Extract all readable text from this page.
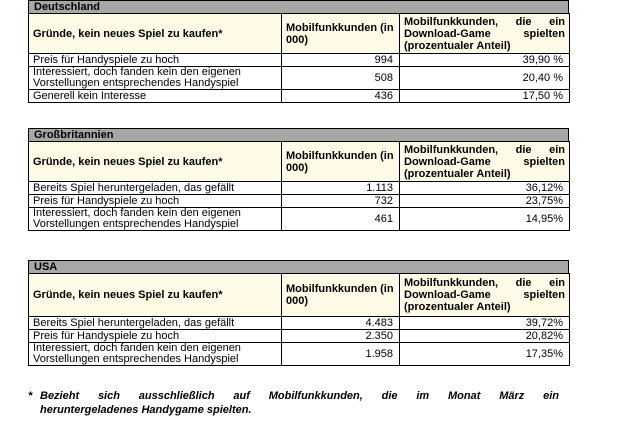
Deutschland
Gründe, kein neues Spiel zu kaufen*	Mobilfunkkunden (in 000)	Mobilfunkkunden, die ein Download-Game spielten (prozentualer Anteil)
Preis für Handyspiele zu hoch	994	39,90 %
Interessiert, doch fanden kein den eigenen Vorstellungen entsprechendes Handyspiel	508	20,40 %
Generell kein Interesse	436	17,50 %
Großbritannien
Gründe, kein neues Spiel zu kaufen*	Mobilfunkkunden (in 000)	Mobilfunkkunden, die ein Download-Game spielten (prozentualer Anteil)
Bereits Spiel heruntergeladen, das gefällt	1.113	36,12%
Preis für Handyspiele zu hoch	732	23,75%
Interessiert, doch fanden kein den eigenen Vorstellungen entsprechendes Handyspiel	461	14,95%
USA
Gründe, kein neues Spiel zu kaufen*	Mobilfunkkunden (in 000)	Mobilfunkkunden, die ein Download-Game spielten (prozentualer Anteil)
Bereits Spiel heruntergeladen, das gefällt	4.483	39,72%
Preis für Handyspiele zu hoch	2.350	20,82%
Interessiert, doch fanden kein den eigenen Vorstellungen entsprechendes Handyspiel	1.958	17,35%
* Bezieht sich ausschließlich auf Mobilfunkkunden, die im Monat März ein
heruntergeladenes Handygame spielten.
